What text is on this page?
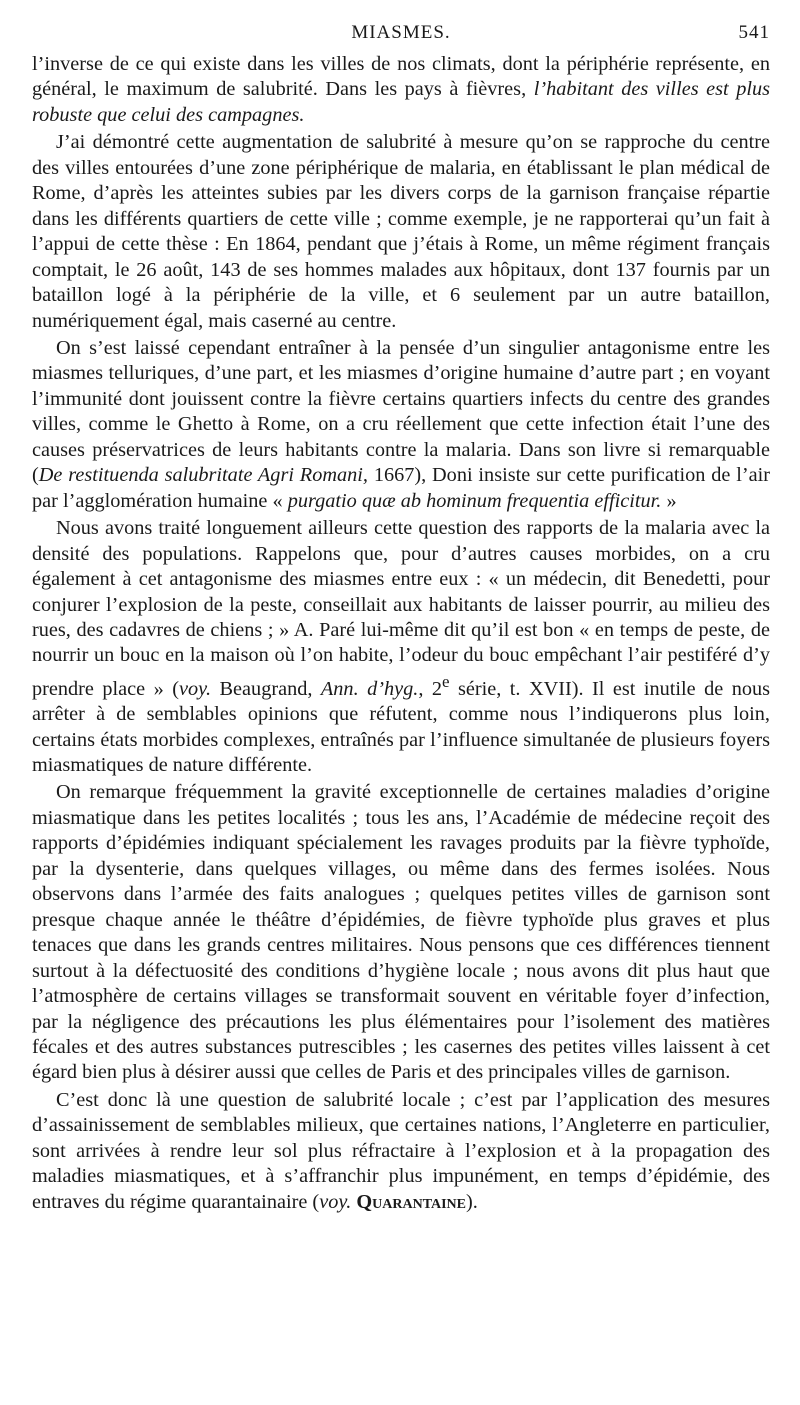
MIASMES.	541

l’inverse de ce qui existe dans les villes de nos climats, dont la périphérie représente, en général, le maximum de salubrité. Dans les pays à fièvres, l’habitant des villes est plus robuste que celui des campagnes.

J’ai démontré cette augmentation de salubrité à mesure qu’on se rapproche du centre des villes entourées d’une zone périphérique de malaria, en établissant le plan médical de Rome, d’après les atteintes subies par les divers corps de la garnison française répartie dans les différents quartiers de cette ville ; comme exemple, je ne rapporterai qu’un fait à l’appui de cette thèse : En 1864, pendant que j’étais à Rome, un même régiment français comptait, le 26 août, 143 de ses hommes malades aux hôpitaux, dont 137 fournis par un bataillon logé à la périphérie de la ville, et 6 seulement par un autre bataillon, numériquement égal, mais caserné au centre.

On s’est laissé cependant entraîner à la pensée d’un singulier antagonisme entre les miasmes telluriques, d’une part, et les miasmes d’origine humaine d’autre part ; en voyant l’immunité dont jouissent contre la fièvre certains quartiers infects du centre des grandes villes, comme le Ghetto à Rome, on a cru réellement que cette infection était l’une des causes préservatrices de leurs habitants contre la malaria. Dans son livre si remarquable (De restituenda salubritate Agri Romani, 1667), Doni insiste sur cette purification de l’air par l’agglomération humaine « purgatio quæ ab hominum frequentia efficitur. »

Nous avons traité longuement ailleurs cette question des rapports de la malaria avec la densité des populations. Rappelons que, pour d’autres causes morbides, on a cru également à cet antagonisme des miasmes entre eux : « un médecin, dit Benedetti, pour conjurer l’explosion de la peste, conseillait aux habitants de laisser pourrir, au milieu des rues, des cadavres de chiens ; » A. Paré lui-même dit qu’il est bon « en temps de peste, de nourrir un bouc en la maison où l’on habite, l’odeur du bouc empêchant l’air pestiféré d’y prendre place » (voy. Beaugrand, Ann. d’hyg., 2e série, t. XVII). Il est inutile de nous arrêter à de semblables opinions que réfutent, comme nous l’indiquerons plus loin, certains états morbides complexes, entraînés par l’influence simultanée de plusieurs foyers miasmatiques de nature différente.

On remarque fréquemment la gravité exceptionnelle de certaines maladies d’origine miasmatique dans les petites localités ; tous les ans, l’Académie de médecine reçoit des rapports d’épidémies indiquant spécialement les ravages produits par la fièvre typhoïde, par la dysenterie, dans quelques villages, ou même dans des fermes isolées. Nous observons dans l’armée des faits analogues ; quelques petites villes de garnison sont presque chaque année le théâtre d’épidémies, de fièvre typhoïde plus graves et plus tenaces que dans les grands centres militaires. Nous pensons que ces différences tiennent surtout à la défectuosité des conditions d’hygiène locale ; nous avons dit plus haut que l’atmosphère de certains villages se transformait souvent en véritable foyer d’infection, par la négligence des précautions les plus élémentaires pour l’isolement des matières fécales et des autres substances putrescibles ; les casernes des petites villes laissent à cet égard bien plus à désirer aussi que celles de Paris et des principales villes de garnison.

C’est donc là une question de salubrité locale ; c’est par l’application des mesures d’assainissement de semblables milieux, que certaines nations, l’Angleterre en particulier, sont arrivées à rendre leur sol plus réfractaire à l’explosion et à la propagation des maladies miasmatiques, et à s’affranchir plus impunément, en temps d’épidémie, des entraves du régime quarantainaire (voy. Quarantaine).
